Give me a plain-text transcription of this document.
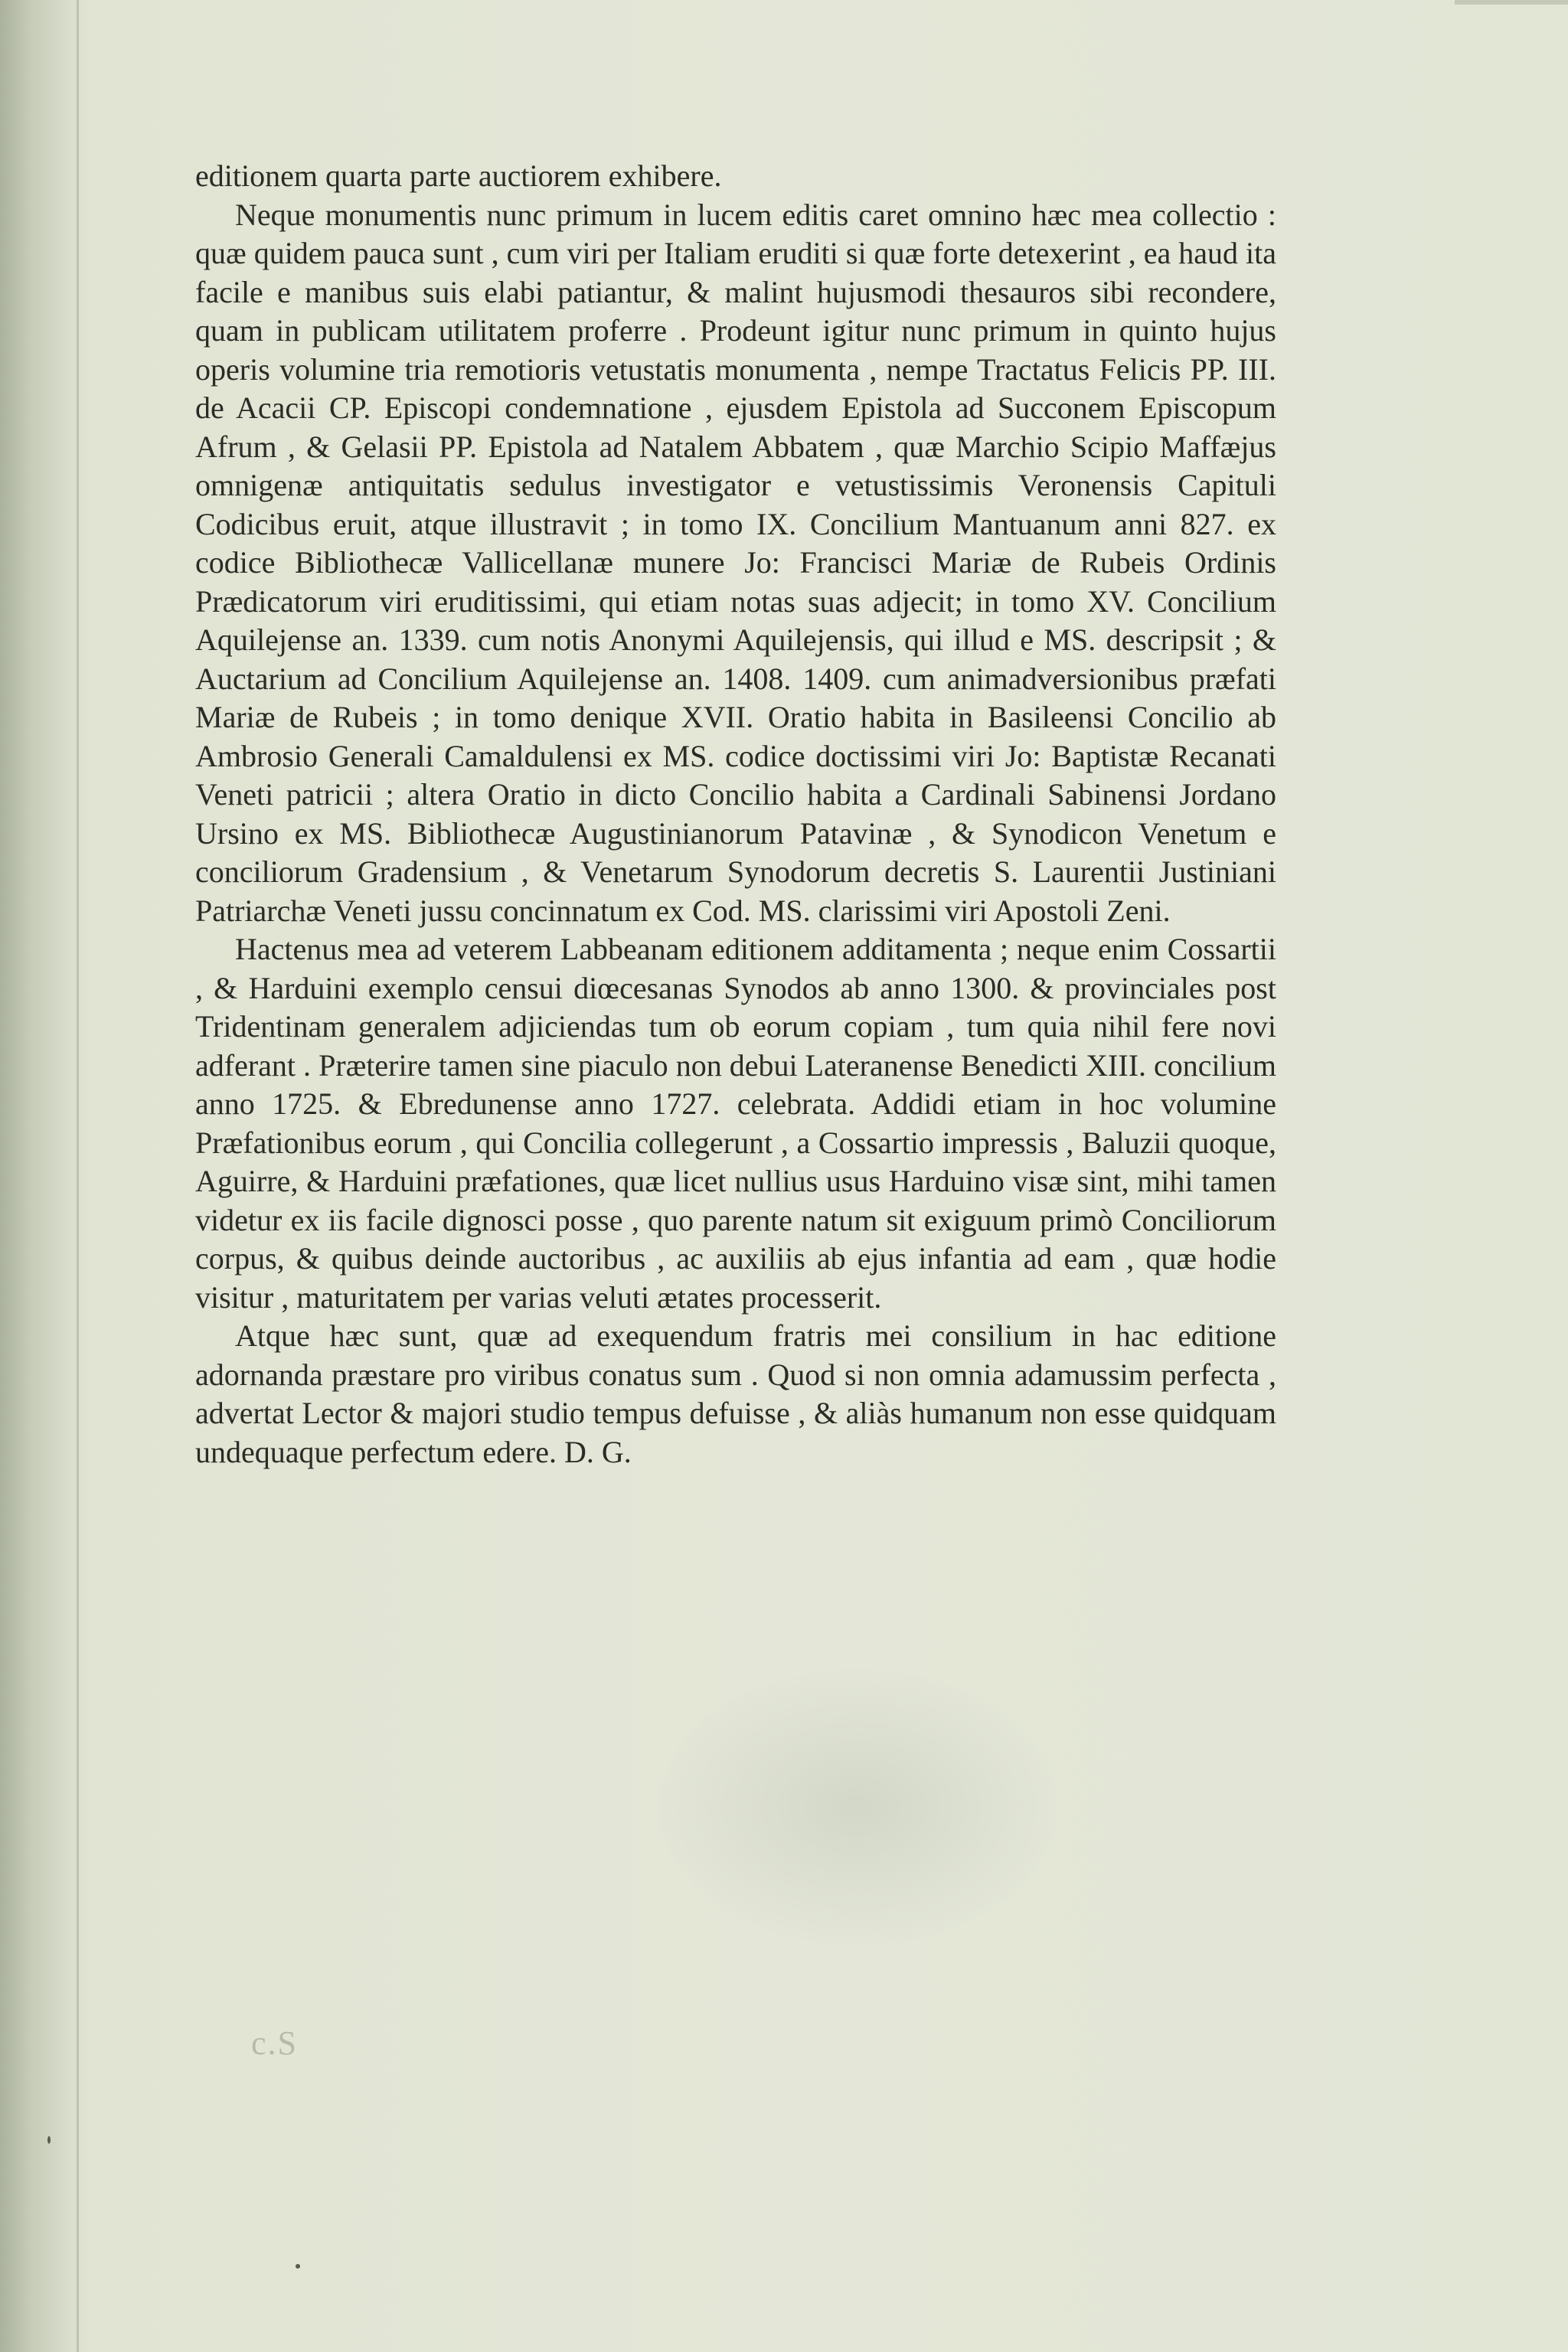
editionem quarta parte auctiorem exhibere.

Neque monumentis nunc primum in lucem editis caret omnino hæc mea collectio : quæ quidem pauca sunt , cum viri per Italiam eruditi si quæ forte detexerint , ea haud ita facile e manibus suis elabi patiantur, & malint hujusmodi thesauros sibi recondere, quam in publicam utilitatem proferre . Prodeunt igitur nunc primum in quinto hujus operis volumine tria remotioris vetustatis monumenta , nempe Tractatus Felicis PP. III. de Acacii CP. Episcopi condemnatione , ejusdem Epistola ad Succonem Episcopum Afrum , & Gelasii PP. Epistola ad Natalem Abbatem , quæ Marchio Scipio Maffæjus omnigenæ antiquitatis sedulus investigator e vetustissimis Veronensis Capituli Codicibus eruit, atque illustravit ; in tomo IX. Concilium Mantuanum anni 827. ex codice Bibliothecæ Vallicellanæ munere Jo: Francisci Mariæ de Rubeis Ordinis Prædicatorum viri eruditissimi, qui etiam notas suas adjecit; in tomo XV. Concilium Aquilejense an. 1339. cum notis Anonymi Aquilejensis, qui illud e MS. descripsit ; & Auctarium ad Concilium Aquilejense an. 1408. 1409. cum animadversionibus præfati Mariæ de Rubeis ; in tomo denique XVII. Oratio habita in Basileensi Concilio ab Ambrosio Generali Camaldulensi ex MS. codice doctissimi viri Jo: Baptistæ Recanati Veneti patricii ; altera Oratio in dicto Concilio habita a Cardinali Sabinensi Jordano Ursino ex MS. Bibliothecæ Augustinianorum Patavinæ , & Synodicon Venetum e conciliorum Gradensium , & Venetarum Synodorum decretis S. Laurentii Justiniani Patriarchæ Veneti jussu concinnatum ex Cod. MS. clarissimi viri Apostoli Zeni.

Hactenus mea ad veterem Labbeanam editionem additamenta ; neque enim Cossartii , & Harduini exemplo censui diœcesanas Synodos ab anno 1300. & provinciales post Tridentinam generalem adjiciendas tum ob eorum copiam , tum quia nihil fere novi adferant . Præterire tamen sine piaculo non debui Lateranense Benedicti XIII. concilium anno 1725. & Ebredunense anno 1727. celebrata. Addidi etiam in hoc volumine Præfationibus eorum , qui Concilia collegerunt , a Cossartio impressis , Baluzii quoque, Aguirre, & Harduini præfationes, quæ licet nullius usus Harduino visæ sint, mihi tamen videtur ex iis facile dignosci posse , quo parente natum sit exiguum primò Conciliorum corpus, & quibus deinde auctoribus , ac auxiliis ab ejus infantia ad eam , quæ hodie visitur , maturitatem per varias veluti ætates processerit.

Atque hæc sunt, quæ ad exequendum fratris mei consilium in hac editione adornanda præstare pro viribus conatus sum . Quod si non omnia adamussim perfecta , advertat Lector & majori studio tempus defuisse , & aliàs humanum non esse quidquam undequaque perfectum edere. D. G.

c.S
